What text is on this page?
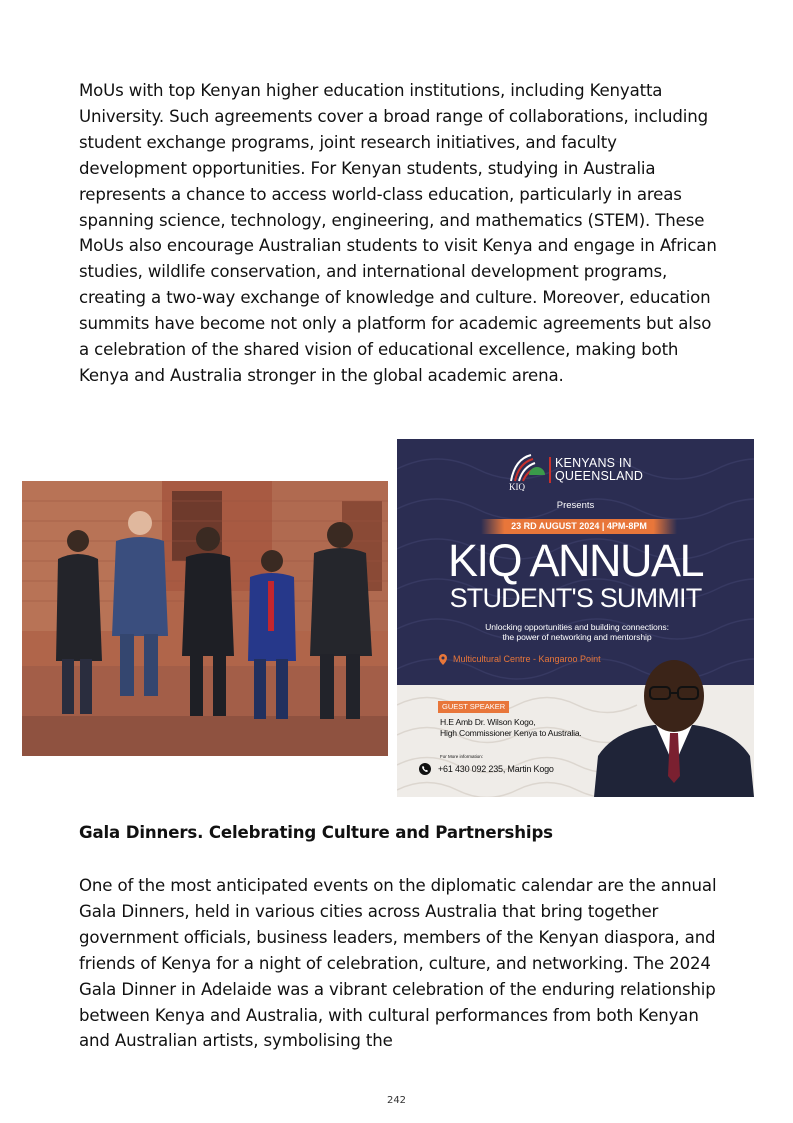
MoUs with top Kenyan higher education institutions, including Kenyatta University. Such agreements cover a broad range of collaborations, including student exchange programs, joint research initiatives, and faculty development opportunities. For Kenyan students, studying in Australia represents a chance to access world-class education, particularly in areas spanning science, technology, engineering, and mathematics (STEM). These MoUs also encourage Australian students to visit Kenya and engage in African studies, wildlife conservation, and international development programs, creating a two-way exchange of knowledge and culture. Moreover, education summits have become not only a platform for academic agreements but also a celebration of the shared vision of educational excellence, making both Kenya and Australia stronger in the global academic arena.

KIQ
KENYANS IN
QUEENSLAND
Presents
23 RD AUGUST 2024 | 4PM-8PM
KIQ ANNUAL
STUDENT'S SUMMIT
Unlocking opportunities and building connections:
the power of networking and mentorship
Multicultural Centre - Kangaroo Point
GUEST SPEAKER
H.E Amb Dr. Wilson Kogo,
High Commissioner Kenya to Australia.
For More information:
+61 430 092 235, Martin Kogo

Gala Dinners. Celebrating Culture and Partnerships

One of the most anticipated events on the diplomatic calendar are the annual Gala Dinners, held in various cities across Australia that bring together government officials, business leaders, members of the Kenyan diaspora, and friends of Kenya for a night of celebration, culture, and networking. The 2024 Gala Dinner in Adelaide was a vibrant celebration of the enduring relationship between Kenya and Australia, with cultural performances from both Kenyan and Australian artists, symbolising the

242
